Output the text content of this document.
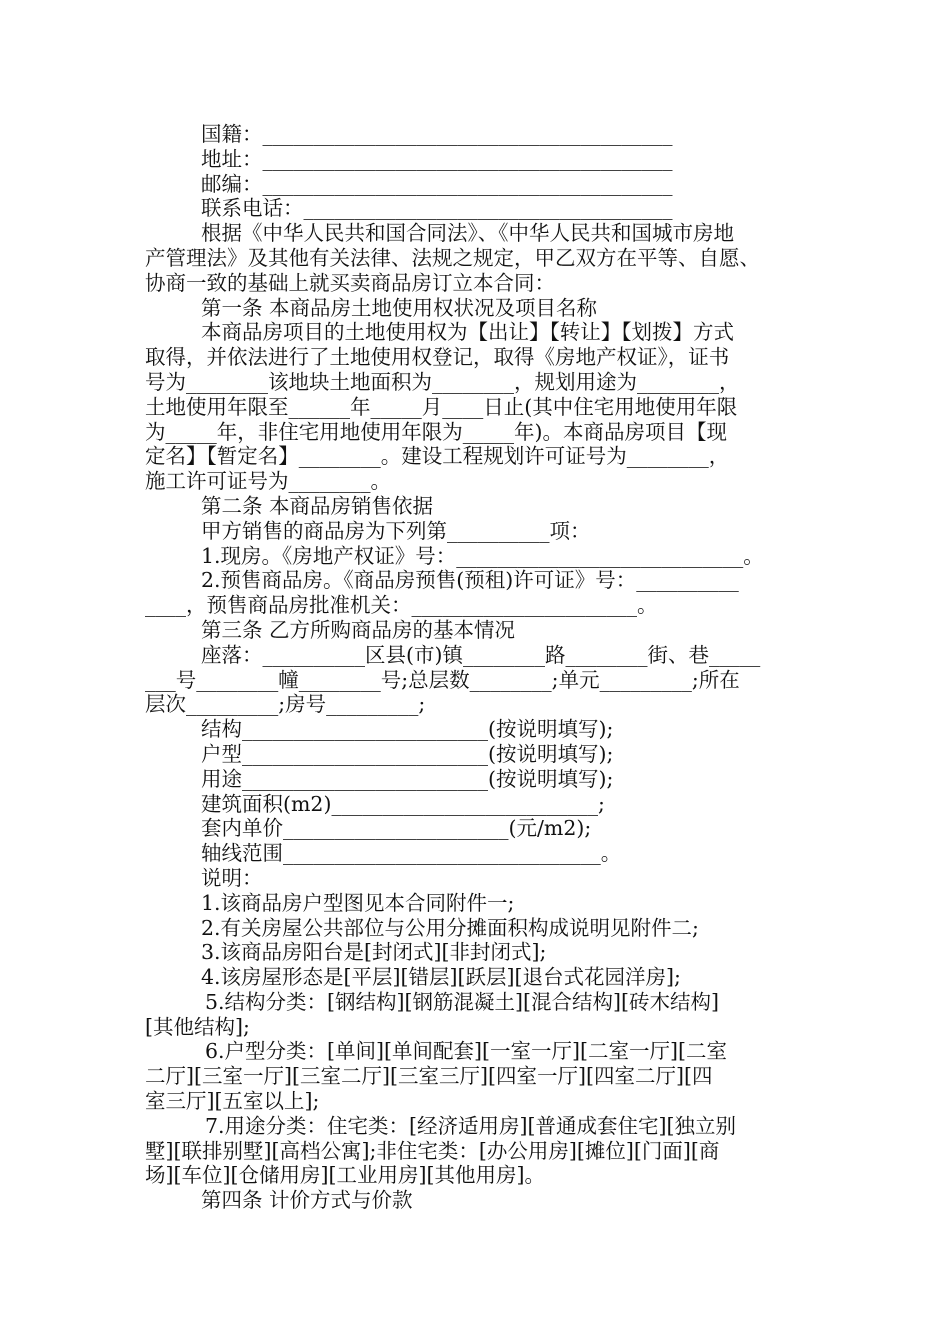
国籍：________________________________________

地址：________________________________________

邮编：________________________________________

联系电话：____________________________________

根据《中华人民共和国合同法》、《中华人民共和国城市房地

产管理法》及其他有关法律、法规之规定，甲乙双方在平等、自愿、

协商一致的基础上就买卖商品房订立本合同：

第一条 本商品房土地使用权状况及项目名称

本商品房项目的土地使用权为【出让】【转让】【划拨】方式

取得，并依法进行了土地使用权登记，取得《房地产权证》，证书

号为________该地块土地面积为________，规划用途为________，

土地使用年限至______年_____月____日止(其中住宅用地使用年限

为_____年，非住宅用地使用年限为_____年)。本商品房项目【现

定名】【暂定名】________。建设工程规划许可证号为________，

施工许可证号为________。

第二条 本商品房销售依据

甲方销售的商品房为下列第__________项：

1.现房。《房地产权证》号：____________________________。

2.预售商品房。《商品房预售(预租)许可证》号：__________

____，预售商品房批准机关：______________________。

第三条 乙方所购商品房的基本情况

座落：__________区县(市)镇________路________街、巷_____

___号________幢________号;总层数________;单元_________;所在

层次_________;房号_________;

结构________________________(按说明填写);

户型________________________(按说明填写);

用途________________________(按说明填写);

建筑面积(m2)__________________________;

套内单价______________________(元/m2);

轴线范围_______________________________。

说明：

1.该商品房户型图见本合同附件一;

2.有关房屋公共部位与公用分摊面积构成说明见附件二;

3.该商品房阳台是[封闭式][非封闭式];

4.该房屋形态是[平层][错层][跃层][退台式花园洋房];

5.结构分类：[钢结构][钢筋混凝土][混合结构][砖木结构]

[其他结构];

6.户型分类：[单间][单间配套][一室一厅][二室一厅][二室

二厅][三室一厅][三室二厅][三室三厅][四室一厅][四室二厅][四

室三厅][五室以上];

7.用途分类：住宅类：[经济适用房][普通成套住宅][独立别

墅][联排别墅][高档公寓];非住宅类：[办公用房][摊位][门面][商

场][车位][仓储用房][工业用房][其他用房]。

第四条 计价方式与价款
